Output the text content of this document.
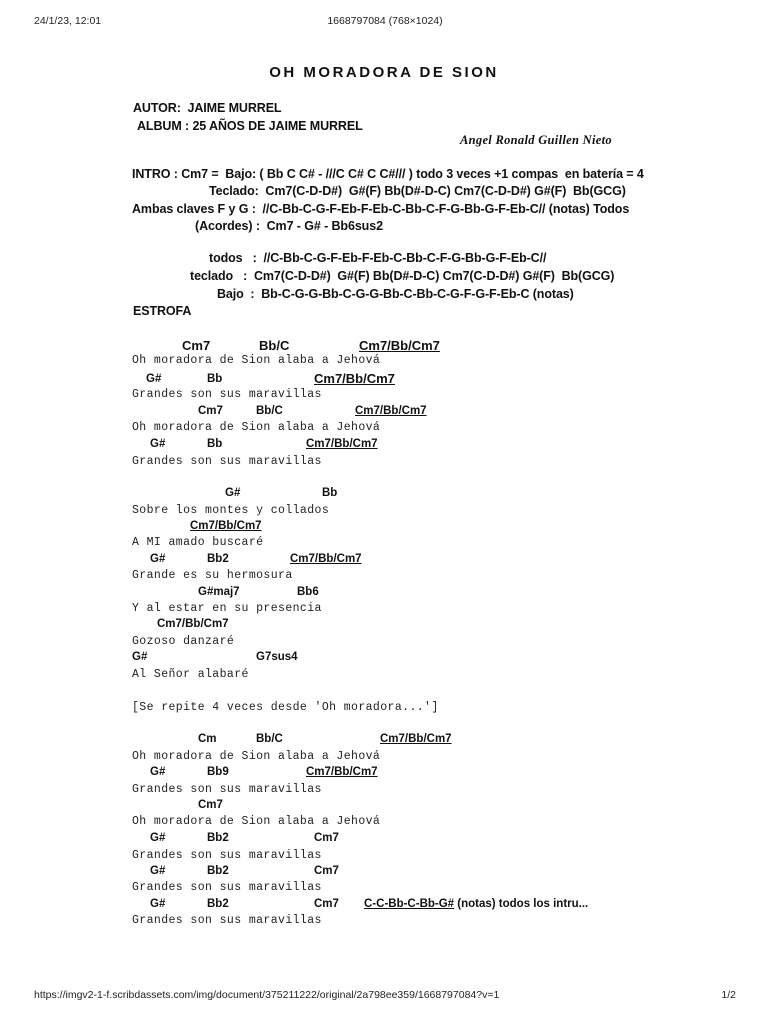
24/1/23, 12:01	1668797084 (768×1024)
OH MORADORA DE SION
AUTOR:  JAIME MURREL
ALBUM : 25 AÑOS DE JAIME MURREL
Angel Ronald Guillen Nieto
INTRO : Cm7 =  Bajo: ( Bb C C# - ///C C# C C#/// ) todo 3 veces +1 compas  en batería = 4
Teclado:  Cm7(C-D-D#)  G#(F) Bb(D#-D-C) Cm7(C-D-D#) G#(F)  Bb(GCG)
Ambas claves F y G :  //C-Bb-C-G-F-Eb-F-Eb-C-Bb-C-F-G-Bb-G-F-Eb-C// (notas) Todos
(Acordes) :  Cm7 - G# - Bb6sus2
todos   :  //C-Bb-C-G-F-Eb-F-Eb-C-Bb-C-F-G-Bb-G-F-Eb-C//
teclado   :  Cm7(C-D-D#)  G#(F) Bb(D#-D-C) Cm7(C-D-D#) G#(F)  Bb(GCG)
Bajo  :  Bb-C-G-G-Bb-C-G-G-Bb-C-Bb-C-G-F-G-F-Eb-C (notas)
ESTROFA
Cm7	Bb/C	Cm7/Bb/Cm7
Oh moradora de Sion alaba a Jehová
G#	Bb	Cm7/Bb/Cm7
Grandes son sus maravillas
Cm7	Bb/C	Cm7/Bb/Cm7
Oh moradora de Sion alaba a Jehová
G#	Bb	Cm7/Bb/Cm7
Grandes son sus maravillas
G#	Bb
Sobre los montes y collados
Cm7/Bb/Cm7
A MI amado buscaré
G#	Bb2	Cm7/Bb/Cm7
Grande es su hermosura
G#maj7	Bb6
Y al estar en su presencia
Cm7/Bb/Cm7
Gozoso danzaré
G#	G7sus4
Al Señor alabaré
[Se repite 4 veces desde 'Oh moradora...']
Cm	Bb/C	Cm7/Bb/Cm7
Oh moradora de Sion alaba a Jehová
G#	Bb9	Cm7/Bb/Cm7
Grandes son sus maravillas
Cm7
Oh moradora de Sion alaba a Jehová
G#	Bb2	Cm7
Grandes son sus maravillas
G#	Bb2	Cm7
Grandes son sus maravillas
G#	Bb2	Cm7 C-C-Bb-C-Bb-G# (notas) todos los intru...
Grandes son sus maravillas
https://imgv2-1-f.scribdassets.com/img/document/375211222/original/2a798ee359/1668797084?v=1	1/2
